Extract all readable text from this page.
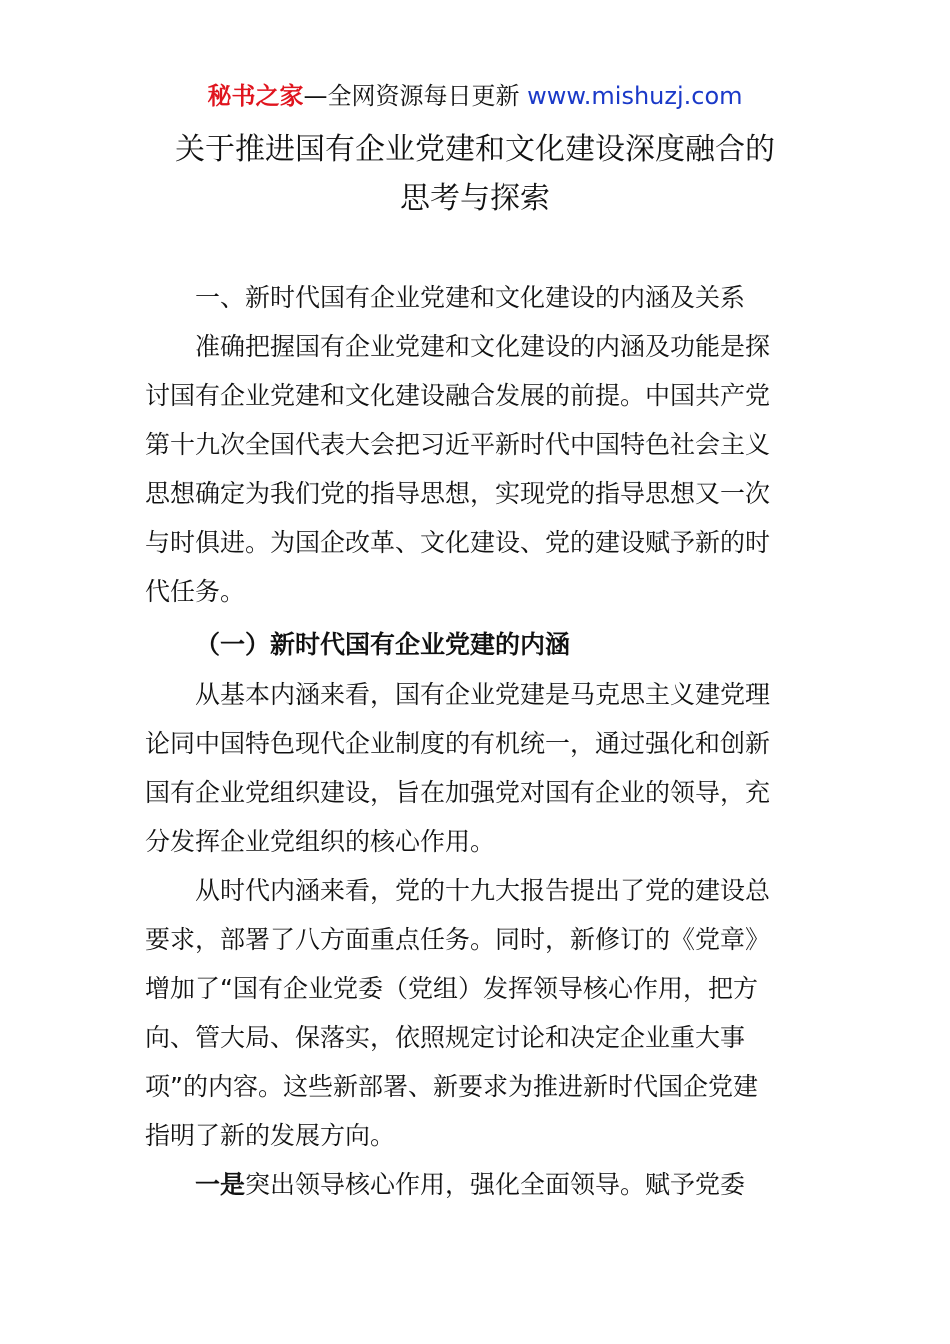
秘书之家—全网资源每日更新 www.mishuzj.com
关于推进国有企业党建和文化建设深度融合的
思考与探索
一、新时代国有企业党建和文化建设的内涵及关系
准确把握国有企业党建和文化建设的内涵及功能是探
讨国有企业党建和文化建设融合发展的前提。中国共产党
第十九次全国代表大会把习近平新时代中国特色社会主义
思想确定为我们党的指导思想，实现党的指导思想又一次
与时俱进。为国企改革、文化建设、党的建设赋予新的时
代任务。
（一）新时代国有企业党建的内涵
从基本内涵来看，国有企业党建是马克思主义建党理
论同中国特色现代企业制度的有机统一，通过强化和创新
国有企业党组织建设，旨在加强党对国有企业的领导，充
分发挥企业党组织的核心作用。
从时代内涵来看，党的十九大报告提出了党的建设总
要求，部署了八方面重点任务。同时，新修订的《党章》
增加了“国有企业党委（党组）发挥领导核心作用，把方
向、管大局、保落实，依照规定讨论和决定企业重大事
项”的内容。这些新部署、新要求为推进新时代国企党建
指明了新的发展方向。
一是突出领导核心作用，强化全面领导。赋予党委
